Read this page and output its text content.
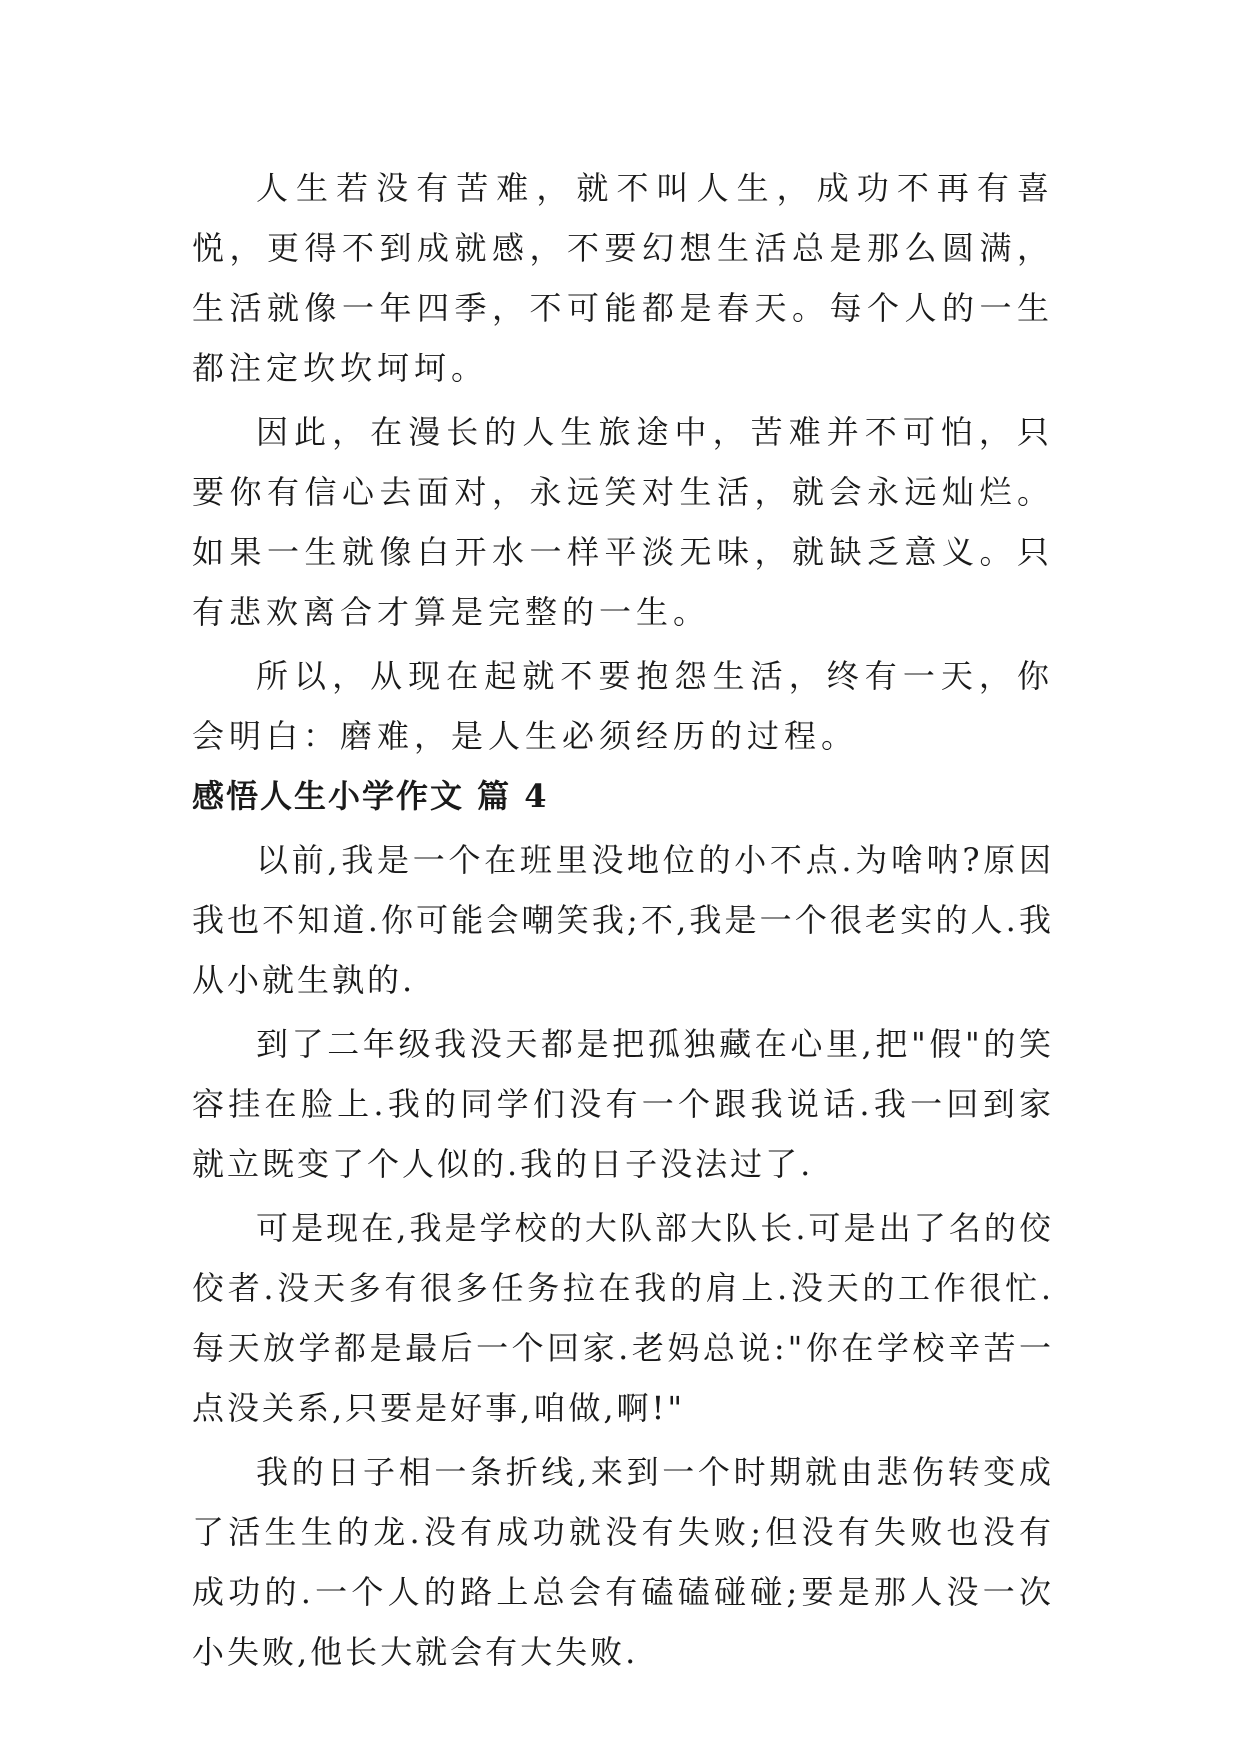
人生若没有苦难，就不叫人生，成功不再有喜悦，更得不到成就感，不要幻想生活总是那么圆满，生活就像一年四季，不可能都是春天。每个人的一生都注定坎坎坷坷。

因此，在漫长的人生旅途中，苦难并不可怕，只要你有信心去面对，永远笑对生活，就会永远灿烂。如果一生就像白开水一样平淡无味，就缺乏意义。只有悲欢离合才算是完整的一生。

所以，从现在起就不要抱怨生活，终有一天，你会明白：磨难，是人生必须经历的过程。

感悟人生小学作文 篇 4

以前,我是一个在班里没地位的小不点.为啥呐?原因我也不知道.你可能会嘲笑我;不,我是一个很老实的人.我从小就生孰的.

到了二年级我没天都是把孤独藏在心里,把"假"的笑容挂在脸上.我的同学们没有一个跟我说话.我一回到家就立既变了个人似的.我的日子没法过了.

可是现在,我是学校的大队部大队长.可是出了名的佼佼者.没天多有很多任务拉在我的肩上.没天的工作很忙.每天放学都是最后一个回家.老妈总说:"你在学校辛苦一点没关系,只要是好事,咱做,啊!"

我的日子相一条折线,来到一个时期就由悲伤转变成了活生生的龙.没有成功就没有失败;但没有失败也没有成功的.一个人的路上总会有磕磕碰碰;要是那人没一次小失败,他长大就会有大失败.
